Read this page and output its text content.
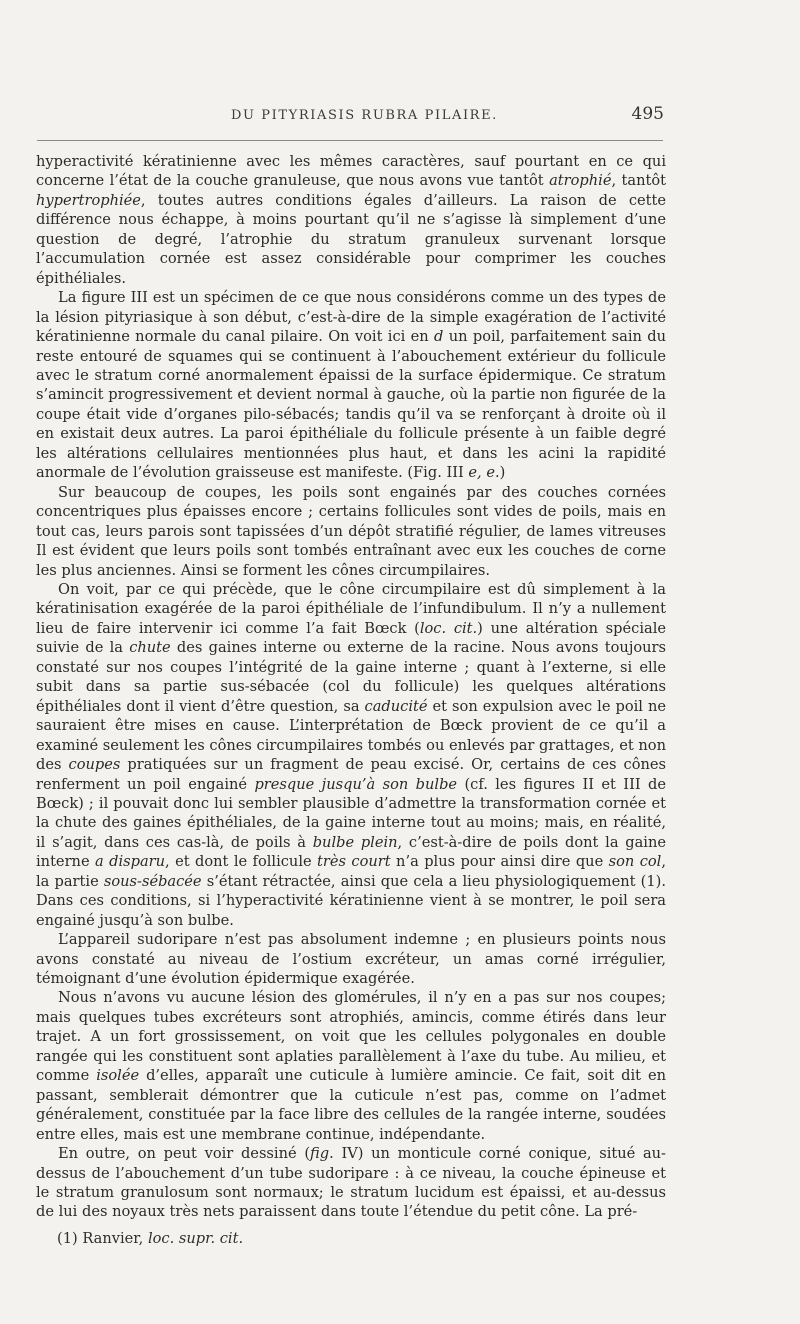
DU PITYRIASIS RUBRA PILAIRE.	495

hyperactivité kératinienne avec les mêmes caractères, sauf pourtant en ce qui concerne l’état de la couche granuleuse, que nous avons vue tantôt atrophié, tantôt hypertrophiée, toutes autres conditions égales d’ailleurs. La raison de cette différence nous échappe, à moins pourtant qu’il ne s’agisse là simplement d’une question de degré, l’atrophie du stratum granuleux survenant lorsque l’accumulation cornée est assez considérable pour comprimer les couches épithéliales.

La figure III est un spécimen de ce que nous considérons comme un des types de la lésion pityriasique à son début, c’est-à-dire de la simple exagération de l’activité kératinienne normale du canal pilaire. On voit ici en d un poil, parfaitement sain du reste entouré de squames qui se continuent à l’abouchement extérieur du follicule avec le stratum corné anormalement épaissi de la surface épidermique. Ce stratum s’amincit progressivement et devient normal à gauche, où la partie non figurée de la coupe était vide d’organes pilo-sébacés; tandis qu’il va se renforçant à droite où il en existait deux autres. La paroi épithéliale du follicule présente à un faible degré les altérations cellulaires mentionnées plus haut, et dans les acini la rapidité anormale de l’évolution graisseuse est manifeste. (Fig. III e, e.)

Sur beaucoup de coupes, les poils sont engainés par des couches cornées concentriques plus épaisses encore ; certains follicules sont vides de poils, mais en tout cas, leurs parois sont tapissées d’un dépôt stratifié régulier, de lames vitreuses Il est évident que leurs poils sont tombés entraînant avec eux les couches de corne les plus anciennes. Ainsi se forment les cônes circumpilaires.

On voit, par ce qui précède, que le cône circumpilaire est dû simplement à la kératinisation exagérée de la paroi épithéliale de l’infundibulum. Il n’y a nullement lieu de faire intervenir ici comme l’a fait Bœck (loc. cit.) une altération spéciale suivie de la chute des gaines interne ou externe de la racine. Nous avons toujours constaté sur nos coupes l’intégrité de la gaine interne ; quant à l’externe, si elle subit dans sa partie sus-sébacée (col du follicule) les quelques altérations épithéliales dont il vient d’être question, sa caducité et son expulsion avec le poil ne sauraient être mises en cause. L’interprétation de Bœck provient de ce qu’il a examiné seulement les cônes circumpilaires tombés ou enlevés par grattages, et non des coupes pratiquées sur un fragment de peau excisé. Or, certains de ces cônes renferment un poil engainé presque jusqu’à son bulbe (cf. les figures II et III de Bœck) ; il pouvait donc lui sembler plausible d’admettre la transformation cornée et la chute des gaines épithéliales, de la gaine interne tout au moins; mais, en réalité, il s’agit, dans ces cas-là, de poils à bulbe plein, c’est-à-dire de poils dont la gaine interne a disparu, et dont le follicule très court n’a plus pour ainsi dire que son col, la partie sous-sébacée s’étant rétractée, ainsi que cela a lieu physiologiquement (1). Dans ces conditions, si l’hyperactivité kératinienne vient à se montrer, le poil sera engainé jusqu’à son bulbe.

L’appareil sudoripare n’est pas absolument indemne ; en plusieurs points nous avons constaté au niveau de l’ostium excréteur, un amas corné irrégulier, témoignant d’une évolution épidermique exagérée.

Nous n’avons vu aucune lésion des glomérules, il n’y en a pas sur nos coupes; mais quelques tubes excréteurs sont atrophiés, amincis, comme étirés dans leur trajet. A un fort grossissement, on voit que les cellules polygonales en double rangée qui les constituent sont aplaties parallèlement à l’axe du tube. Au milieu, et comme isolée d’elles, apparaît une cuticule à lumière amincie. Ce fait, soit dit en passant, semblerait démontrer que la cuticule n’est pas, comme on l’admet généralement, constituée par la face libre des cellules de la rangée interne, soudées entre elles, mais est une membrane continue, indépendante.

En outre, on peut voir dessiné (fig. IV) un monticule corné conique, situé au-dessus de l’abouchement d’un tube sudoripare : à ce niveau, la couche épineuse et le stratum granulosum sont normaux; le stratum lucidum est épaissi, et au-dessus de lui des noyaux très nets paraissent dans toute l’étendue du petit cône. La pré-

(1) Ranvier, loc. supr. cit.
